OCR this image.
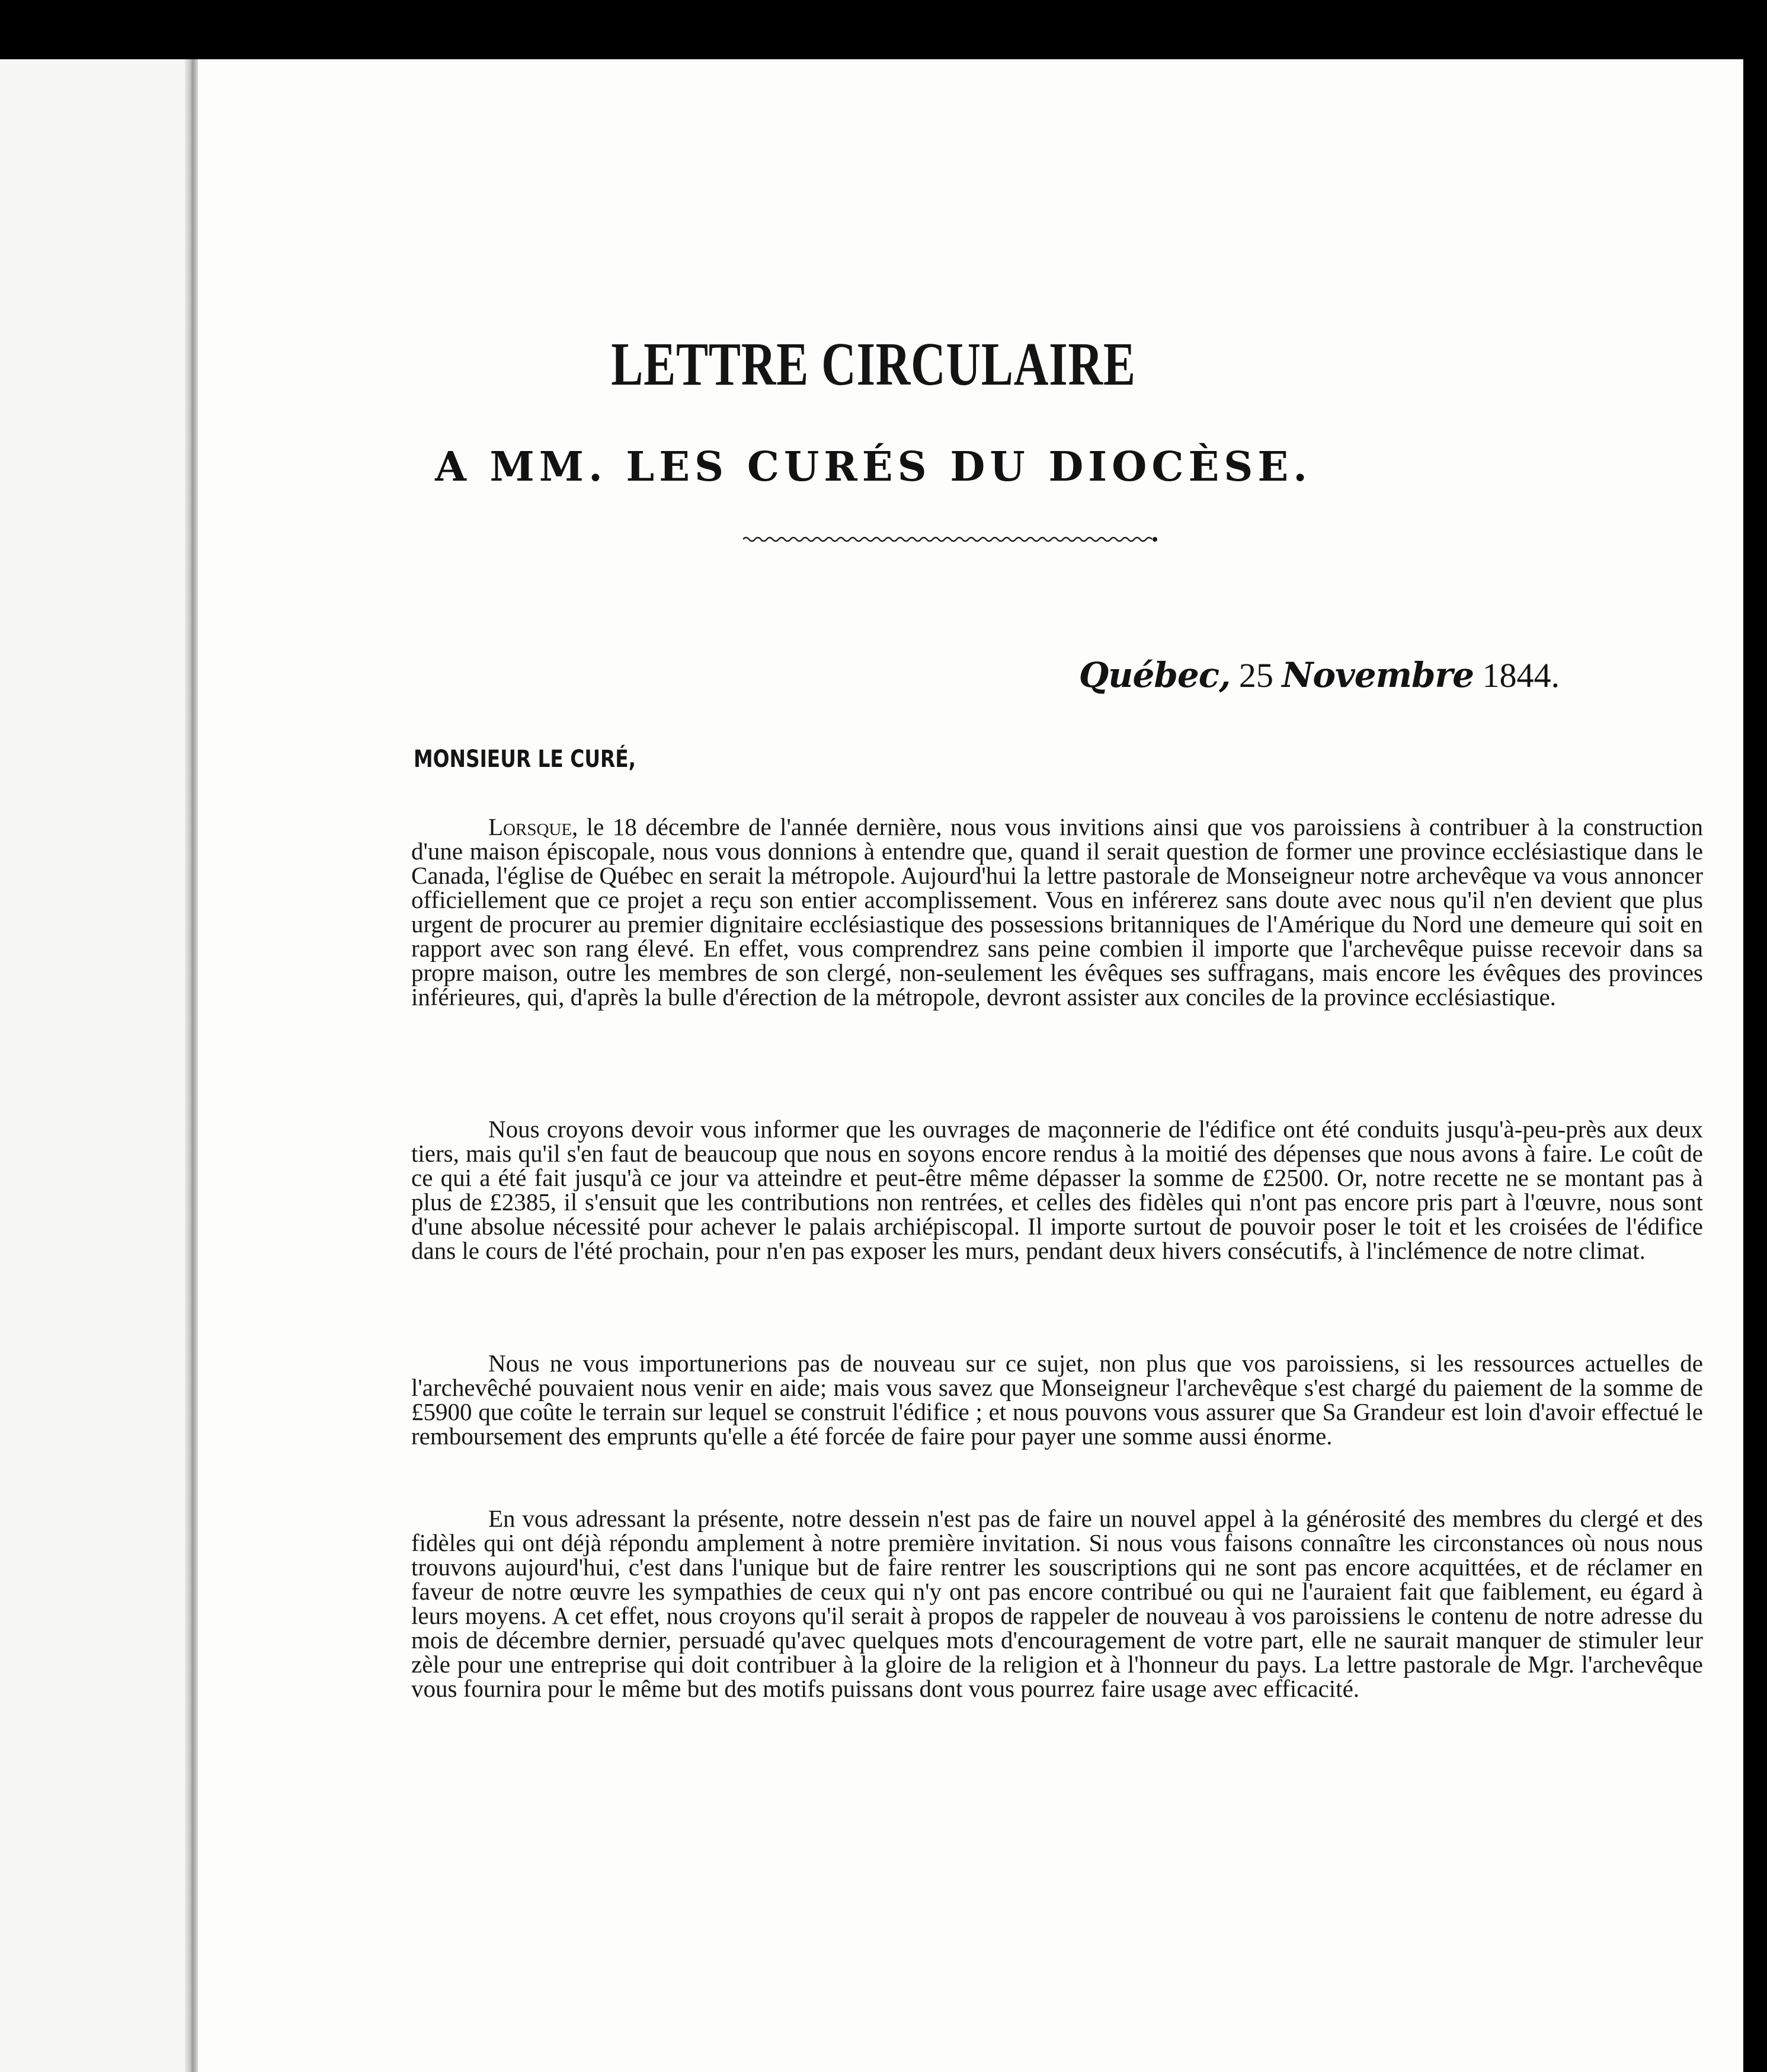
LETTRE CIRCULAIRE
A MM. LES CURÉS DU DIOCÈSE.
Québec, 25 Novembre 1844.
MONSIEUR LE CURÉ,

Lorsque, le 18 décembre de l'année dernière, nous vous invitions ainsi que vos paroissiens à contribuer à la construction d'une maison épiscopale, nous vous donnions à entendre que, quand il serait question de former une province ecclésiastique dans le Canada, l'église de Québec en serait la métropole. Aujourd'hui la lettre pastorale de Monseigneur notre archevêque va vous annoncer officiellement que ce projet a reçu son entier accomplissement. Vous en inférerez sans doute avec nous qu'il n'en devient que plus urgent de procurer au premier dignitaire ecclésiastique des possessions britanniques de l'Amérique du Nord une demeure qui soit en rapport avec son rang élevé. En effet, vous comprendrez sans peine combien il importe que l'archevêque puisse recevoir dans sa propre maison, outre les membres de son clergé, non-seulement les évêques ses suffragans, mais encore les évêques des provinces inférieures, qui, d'après la bulle d'érection de la métropole, devront assister aux conciles de la province ecclésiastique.

Nous croyons devoir vous informer que les ouvrages de maçonnerie de l'édifice ont été conduits jusqu'à-peu-près aux deux tiers, mais qu'il s'en faut de beaucoup que nous en soyons encore rendus à la moitié des dépenses que nous avons à faire. Le coût de ce qui a été fait jusqu'à ce jour va atteindre et peut-être même dépasser la somme de £2500. Or, notre recette ne se montant pas à plus de £2385, il s'ensuit que les contributions non rentrées, et celles des fidèles qui n'ont pas encore pris part à l'œuvre, nous sont d'une absolue nécessité pour achever le palais archiépiscopal. Il importe surtout de pouvoir poser le toit et les croisées de l'édifice dans le cours de l'été prochain, pour n'en pas exposer les murs, pendant deux hivers consécutifs, à l'inclémence de notre climat.

Nous ne vous importunerions pas de nouveau sur ce sujet, non plus que vos paroissiens, si les ressources actuelles de l'archevêché pouvaient nous venir en aide; mais vous savez que Monseigneur l'archevêque s'est chargé du paiement de la somme de £5900 que coûte le terrain sur lequel se construit l'édifice ; et nous pouvons vous assurer que Sa Grandeur est loin d'avoir effectué le remboursement des emprunts qu'elle a été forcée de faire pour payer une somme aussi énorme.

En vous adressant la présente, notre dessein n'est pas de faire un nouvel appel à la générosité des membres du clergé et des fidèles qui ont déjà répondu amplement à notre première invitation. Si nous vous faisons connaître les circonstances où nous nous trouvons aujourd'hui, c'est dans l'unique but de faire rentrer les souscriptions qui ne sont pas encore acquittées, et de réclamer en faveur de notre œuvre les sympathies de ceux qui n'y ont pas encore contribué ou qui ne l'auraient fait que faiblement, eu égard à leurs moyens. A cet effet, nous croyons qu'il serait à propos de rappeler de nouveau à vos paroissiens le contenu de notre adresse du mois de décembre dernier, persuadé qu'avec quelques mots d'encouragement de votre part, elle ne saurait manquer de stimuler leur zèle pour une entreprise qui doit contribuer à la gloire de la religion et à l'honneur du pays. La lettre pastorale de Mgr. l'archevêque vous fournira pour le même but des motifs puissans dont vous pourrez faire usage avec efficacité.
